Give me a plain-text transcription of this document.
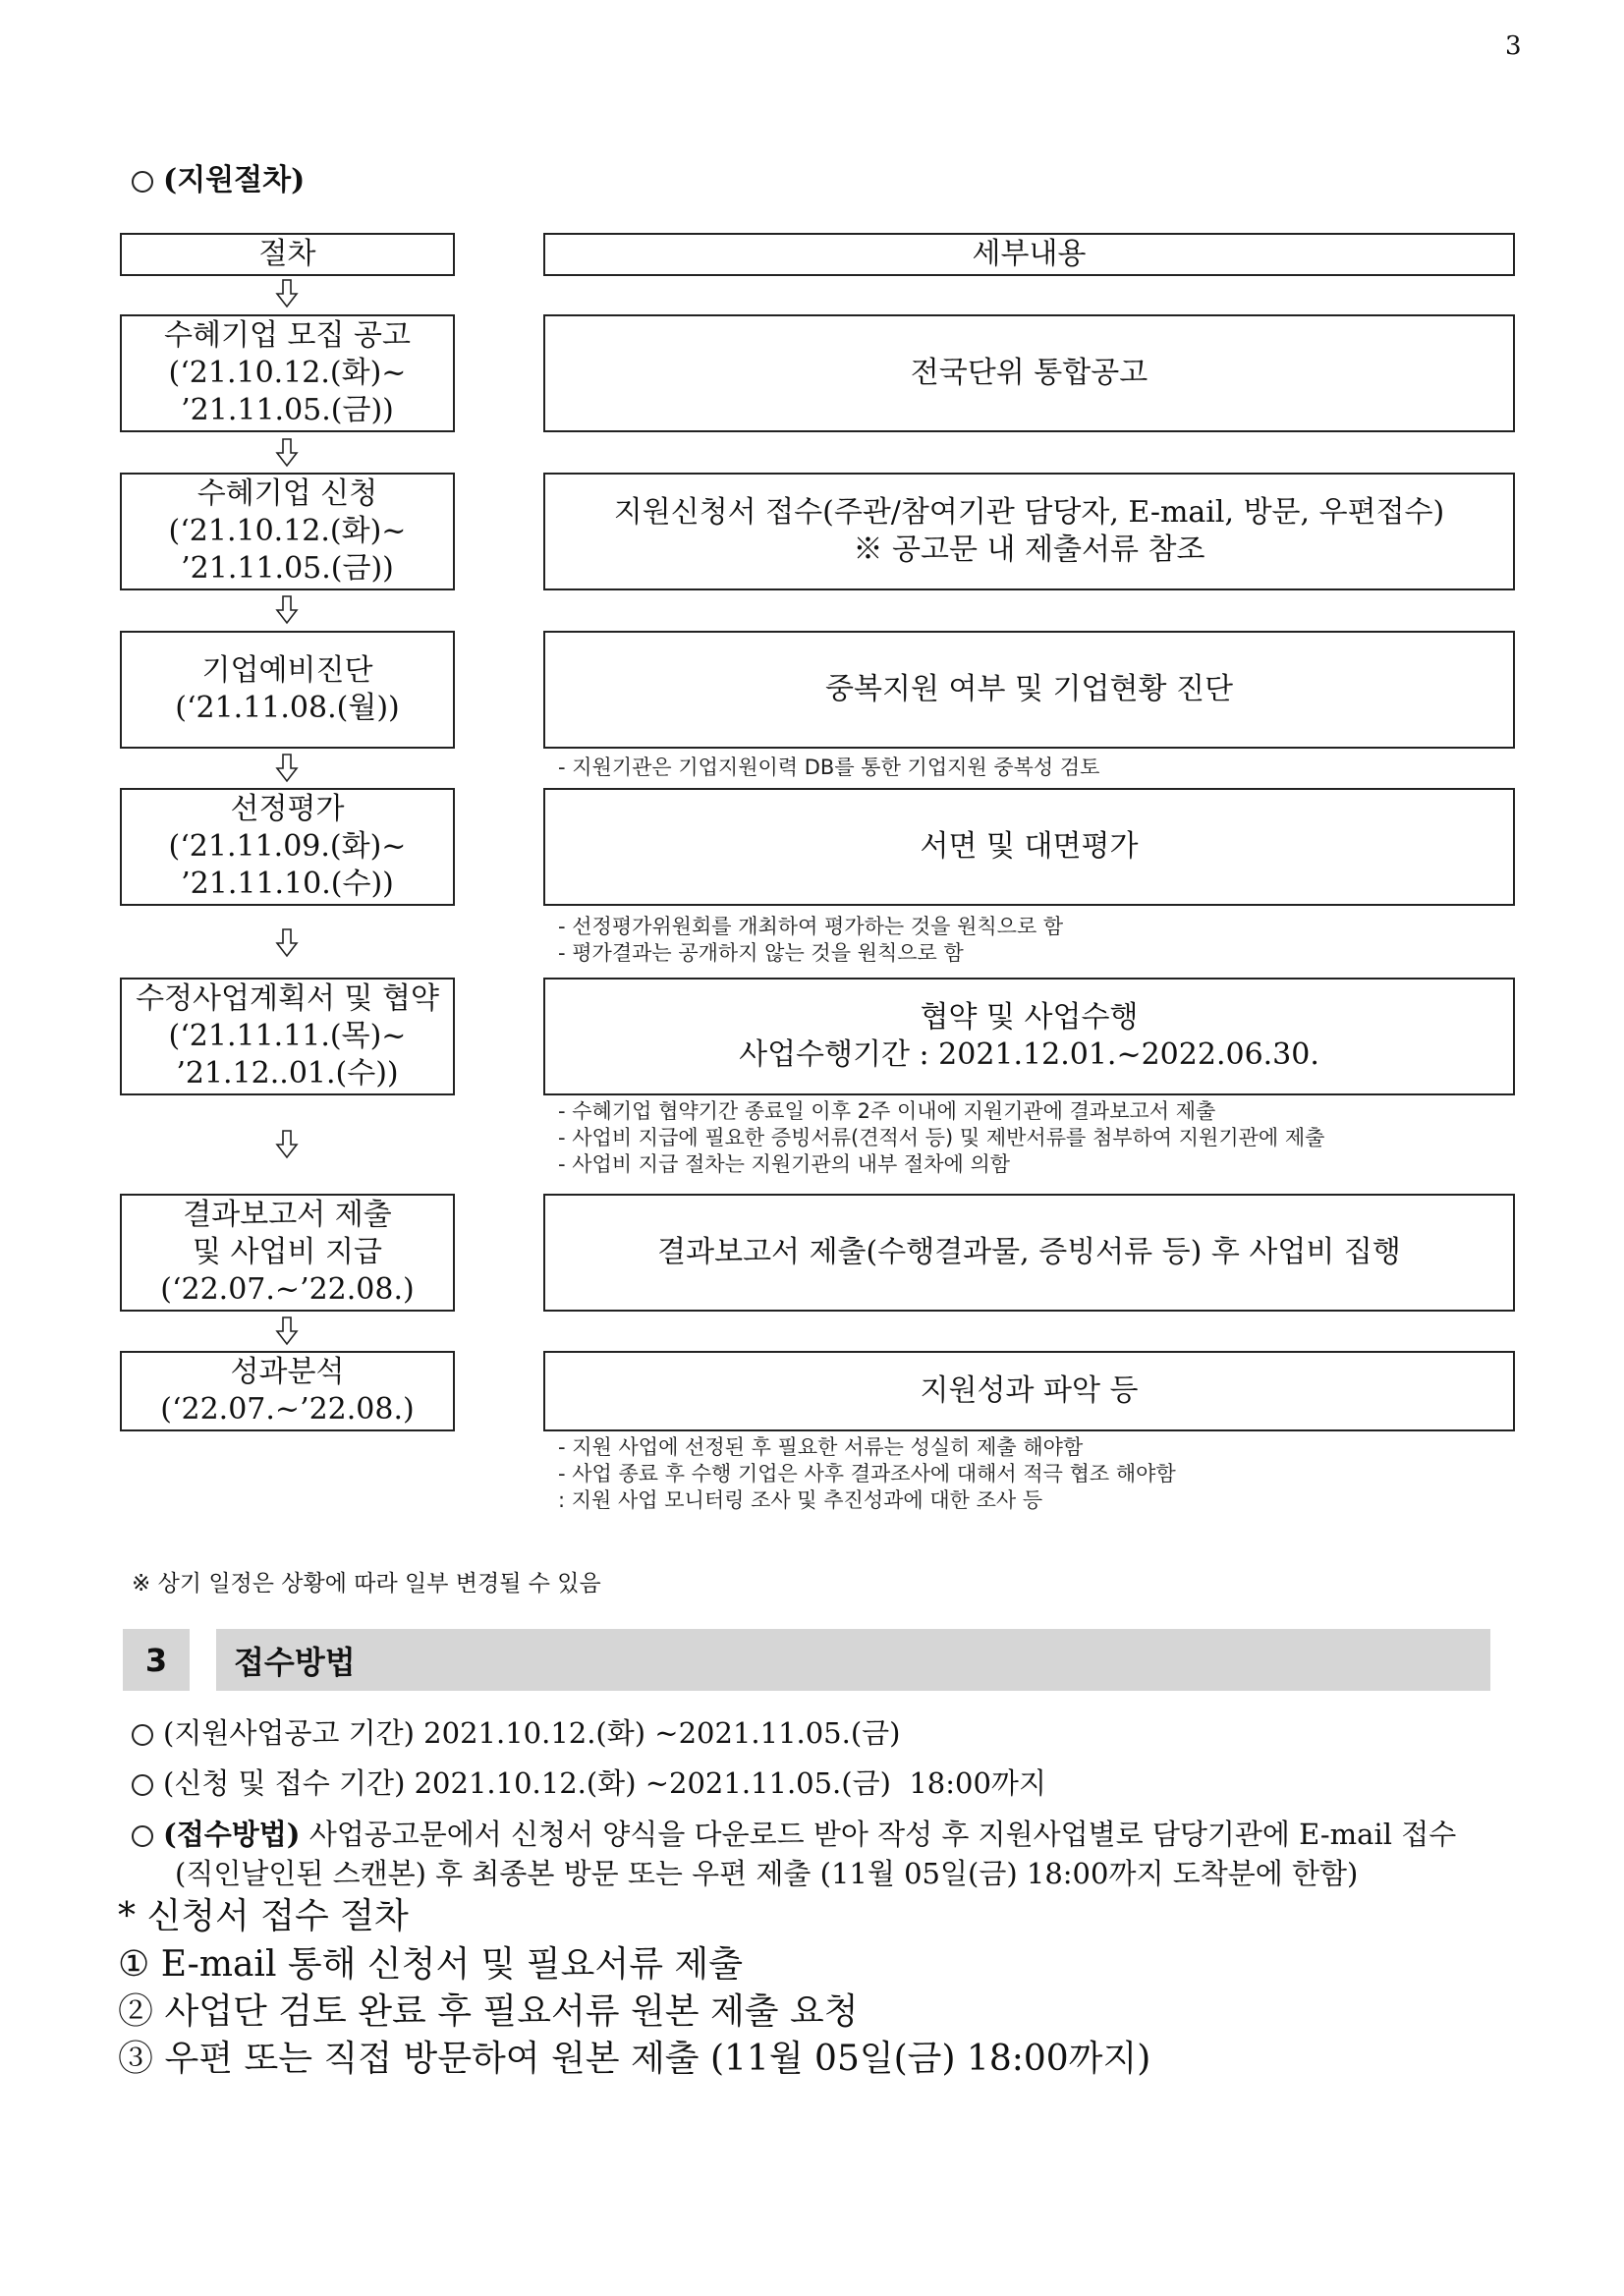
3
(지원절차)
절차	세부내용
수혜기업 모집 공고
(‘21.10.12.(화)~
’21.11.05.(금))
전국단위 통합공고
수혜기업 신청
(‘21.10.12.(화)~
’21.11.05.(금))
지원신청서 접수(주관/참여기관 담당자, E-mail, 방문, 우편접수)
※ 공고문 내 제출서류 참조
기업예비진단
(‘21.11.08.(월))
중복지원 여부 및 기업현황 진단
- 지원기관은 기업지원이력 DB를 통한 기업지원 중복성 검토
선정평가
(‘21.11.09.(화)~
’21.11.10.(수))
서면 및 대면평가
- 선정평가위원회를 개최하여 평가하는 것을 원칙으로 함
- 평가결과는 공개하지 않는 것을 원칙으로 함
수정사업계획서 및 협약
(‘21.11.11.(목)~
’21.12..01.(수))
협약 및 사업수행
사업수행기간 : 2021.12.01.~2022.06.30.
- 수혜기업 협약기간 종료일 이후 2주 이내에 지원기관에 결과보고서 제출
- 사업비 지급에 필요한 증빙서류(견적서 등) 및 제반서류를 첨부하여 지원기관에 제출
- 사업비 지급 절차는 지원기관의 내부 절차에 의함
결과보고서 제출
및 사업비 지급
(‘22.07.~’22.08.)
결과보고서 제출(수행결과물, 증빙서류 등) 후 사업비 집행
성과분석
(‘22.07.~’22.08.)
지원성과 파악 등
- 지원 사업에 선정된 후 필요한 서류는 성실히 제출 해야함
- 사업 종료 후 수행 기업은 사후 결과조사에 대해서 적극 협조 해야함
: 지원 사업 모니터링 조사 및 추진성과에 대한 조사 등
※ 상기 일정은 상황에 따라 일부 변경될 수 있음
3	접수방법
(지원사업공고 기간) 2021.10.12.(화) ~2021.11.05.(금)
(신청 및 접수 기간) 2021.10.12.(화) ~2021.11.05.(금)  18:00까지
(접수방법) 사업공고문에서 신청서 양식을 다운로드 받아 작성 후 지원사업별로 담당기관에 E-mail 접수
(직인날인된 스캔본) 후 최종본 방문 또는 우편 제출 (11월 05일(금) 18:00까지 도착분에 한함)
* 신청서 접수 절차
① E-mail 통해 신청서 및 필요서류 제출
② 사업단 검토 완료 후 필요서류 원본 제출 요청
③ 우편 또는 직접 방문하여 원본 제출 (11월 05일(금) 18:00까지)
